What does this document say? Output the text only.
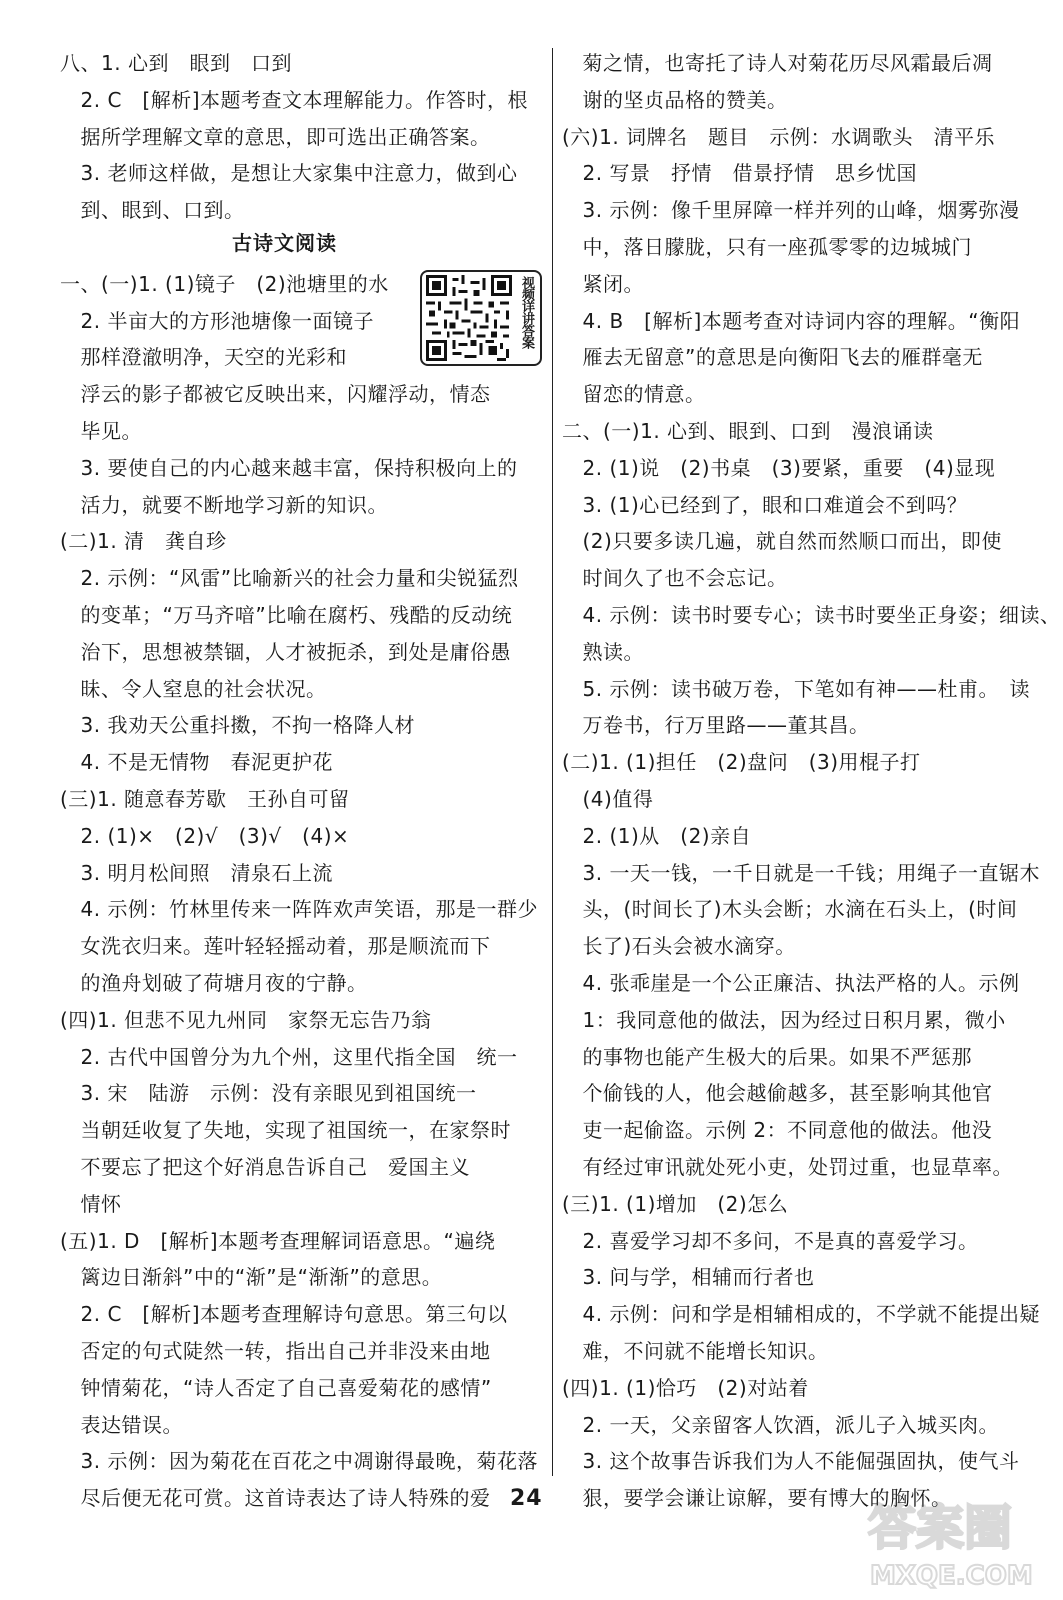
八、1. 心到　眼到　口到
　2. C　[解析]本题考查文本理解能力。作答时，根
　据所学理解文章的意思，即可选出正确答案。
　3. 老师这样做，是想让大家集中注意力，做到心
　到、眼到、口到。
一、(一)1. (1)镜子　(2)池塘里的水
　2. 半亩大的方形池塘像一面镜子
　那样澄澈明净，天空的光彩和
　浮云的影子都被它反映出来，闪耀浮动，情态
　毕见。
　3. 要使自己的内心越来越丰富，保持积极向上的
　活力，就要不断地学习新的知识。
(二)1. 清　龚自珍
　2. 示例：“风雷”比喻新兴的社会力量和尖锐猛烈
　的变革；“万马齐喑”比喻在腐朽、残酷的反动统
　治下，思想被禁锢，人才被扼杀，到处是庸俗愚
　昧、令人窒息的社会状况。
　3. 我劝天公重抖擞，不拘一格降人材
　4. 不是无情物　春泥更护花
(三)1. 随意春芳歇　王孙自可留
　2. (1)×　(2)√　(3)√　(4)×
　3. 明月松间照　清泉石上流
　4. 示例：竹林里传来一阵阵欢声笑语，那是一群少
　女洗衣归来。莲叶轻轻摇动着，那是顺流而下
　的渔舟划破了荷塘月夜的宁静。
(四)1. 但悲不见九州同　家祭无忘告乃翁
　2. 古代中国曾分为九个州，这里代指全国　统一
　3. 宋　陆游　示例：没有亲眼见到祖国统一
　当朝廷收复了失地，实现了祖国统一，在家祭时
　不要忘了把这个好消息告诉自己　爱国主义
　情怀
(五)1. D　[解析]本题考查理解词语意思。“遍绕
　篱边日渐斜”中的“渐”是“渐渐”的意思。
　2. C　[解析]本题考查理解诗句意思。第三句以
　否定的句式陡然一转，指出自己并非没来由地
　钟情菊花，“诗人否定了自己喜爱菊花的感情”
　表达错误。
　3. 示例：因为菊花在百花之中凋谢得最晚，菊花落
　尽后便无花可赏。这首诗表达了诗人特殊的爱
　菊之情，也寄托了诗人对菊花历尽风霜最后凋
　谢的坚贞品格的赞美。
(六)1. 词牌名　题目　示例：水调歌头　清平乐
　2. 写景　抒情　借景抒情　思乡忧国
　3. 示例：像千里屏障一样并列的山峰，烟雾弥漫
　中，落日朦胧，只有一座孤零零的边城城门
　紧闭。
　4. B　[解析]本题考查对诗词内容的理解。“衡阳
　雁去无留意”的意思是向衡阳飞去的雁群毫无
　留恋的情意。
二、(一)1. 心到、眼到、口到　漫浪诵读
　2. (1)说　(2)书桌　(3)要紧，重要　(4)显现
　3. (1)心已经到了，眼和口难道会不到吗？
　(2)只要多读几遍，就自然而然顺口而出，即使
　时间久了也不会忘记。
　4. 示例：读书时要专心；读书时要坐正身姿；细读、
　熟读。
　5. 示例：读书破万卷，下笔如有神——杜甫。　读
　万卷书，行万里路——董其昌。
(二)1. (1)担任　(2)盘问　(3)用棍子打
　(4)值得
　2. (1)从　(2)亲自
　3. 一天一钱，一千日就是一千钱；用绳子一直锯木
　头，(时间长了)木头会断；水滴在石头上，(时间
　长了)石头会被水滴穿。
　4. 张乖崖是一个公正廉洁、执法严格的人。示例
　1：我同意他的做法，因为经过日积月累，微小
　的事物也能产生极大的后果。如果不严惩那
　个偷钱的人，他会越偷越多，甚至影响其他官
　吏一起偷盗。示例 2：不同意他的做法。他没
　有经过审讯就处死小吏，处罚过重，也显草率。
(三)1. (1)增加　(2)怎么
　2. 喜爱学习却不多问，不是真的喜爱学习。
　3. 问与学，相辅而行者也
　4. 示例：问和学是相辅相成的，不学就不能提出疑
　难，不问就不能增长知识。
(四)1. (1)恰巧　(2)对站着
　2. 一天，父亲留客人饮酒，派儿子入城买肉。
　3. 这个故事告诉我们为人不能倔强固执，使气斗
　狠，要学会谦让谅解，要有博大的胸怀。
古诗文阅读
视频详讲答案
24
答案圈
MXQE.COM
